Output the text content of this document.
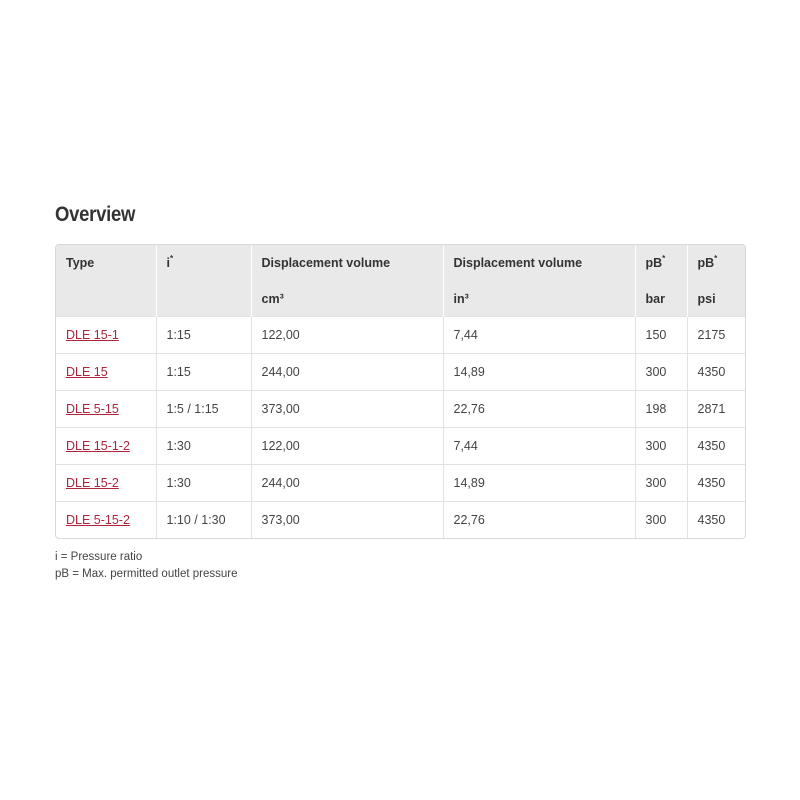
Overview
Type	i*	Displacement volume	Displacement volume	pB*	pB*
		cm³	in³	bar	psi
DLE 15-1	1:15	122,00	7,44	150	2175
DLE 15	1:15	244,00	14,89	300	4350
DLE 5-15	1:5 / 1:15	373,00	22,76	198	2871
DLE 15-1-2	1:30	122,00	7,44	300	4350
DLE 15-2	1:30	244,00	14,89	300	4350
DLE 5-15-2	1:10 / 1:30	373,00	22,76	300	4350
i = Pressure ratio
pB = Max. permitted outlet pressure
